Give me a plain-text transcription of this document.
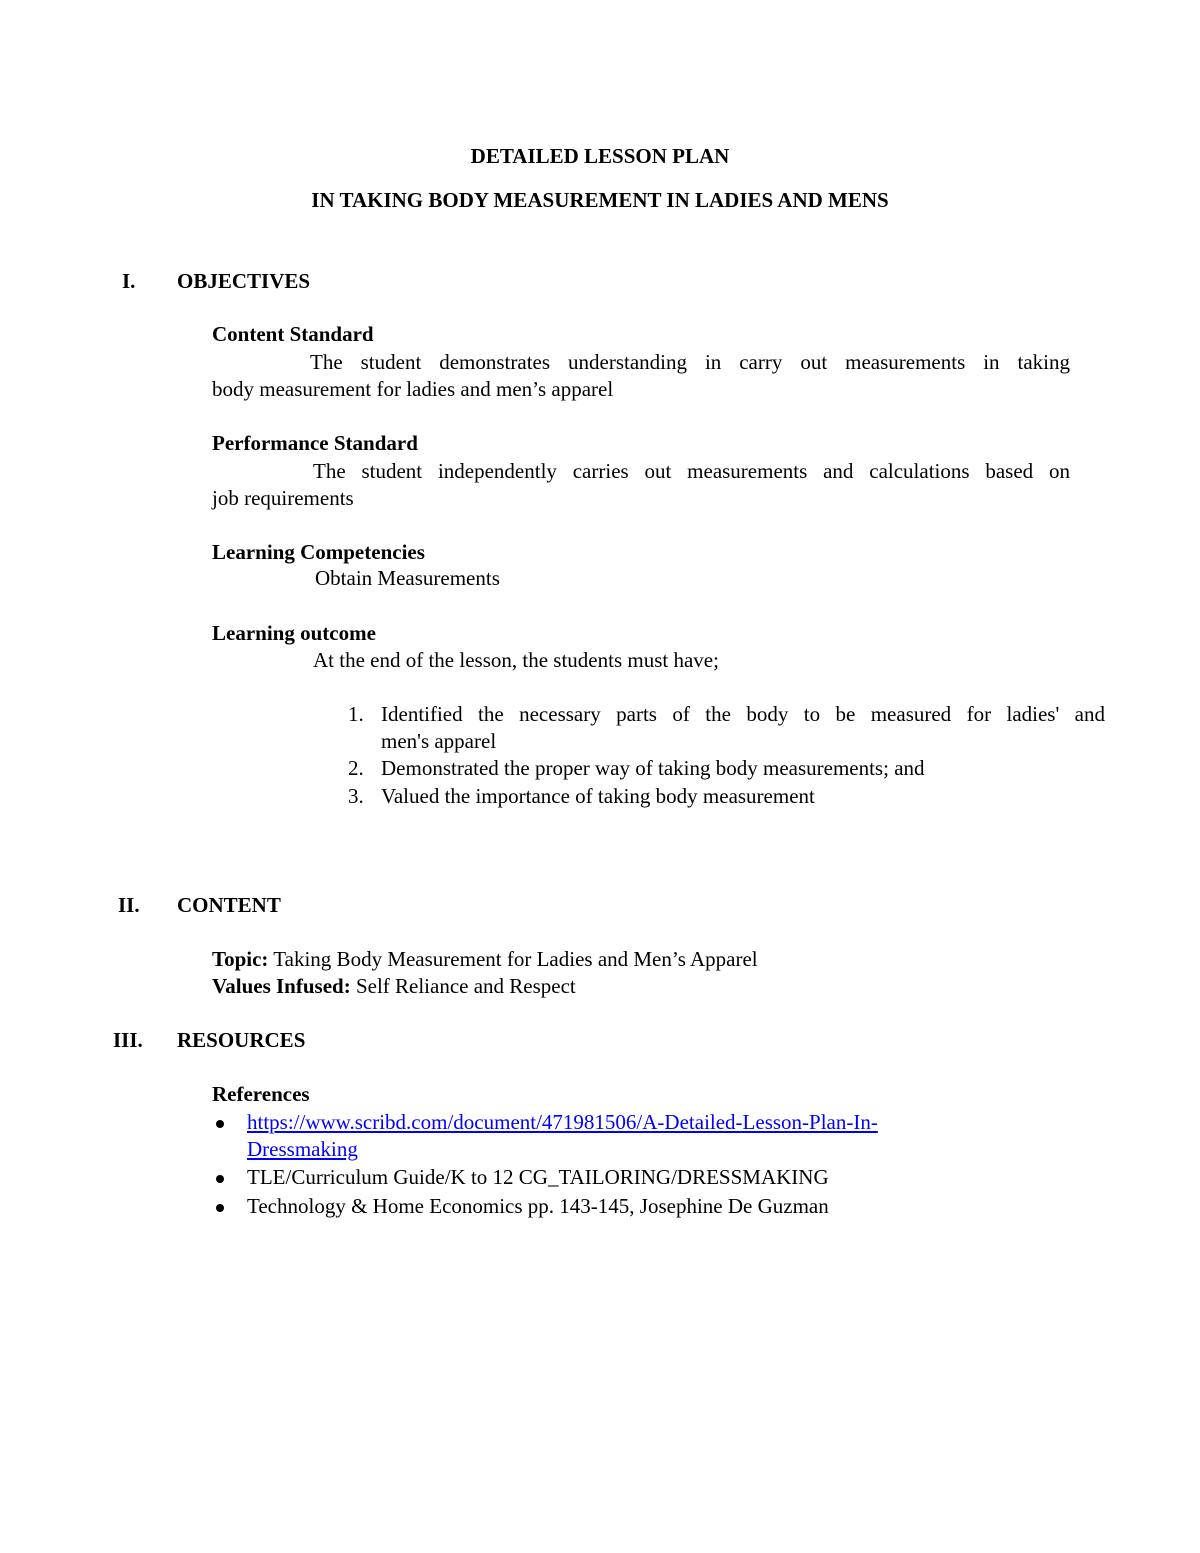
DETAILED LESSON PLAN
IN TAKING BODY MEASUREMENT IN LADIES AND MENS
I. OBJECTIVES
Content Standard
The student demonstrates understanding in carry out measurements in taking
body measurement for ladies and men’s apparel
Performance Standard
The student independently carries out measurements and calculations based on
job requirements
Learning Competencies
Obtain Measurements
Learning outcome
At the end of the lesson, the students must have;
1. Identified the necessary parts of the body to be measured for ladies' and
men's apparel
2. Demonstrated the proper way of taking body measurements; and
3. Valued the importance of taking body measurement
II. CONTENT
Topic: Taking Body Measurement for Ladies and Men’s Apparel
Values Infused: Self Reliance and Respect
III. RESOURCES
References
https://www.scribd.com/document/471981506/A-Detailed-Lesson-Plan-In-
Dressmaking
TLE/Curriculum Guide/K to 12 CG_TAILORING/DRESSMAKING
Technology & Home Economics pp. 143-145, Josephine De Guzman
